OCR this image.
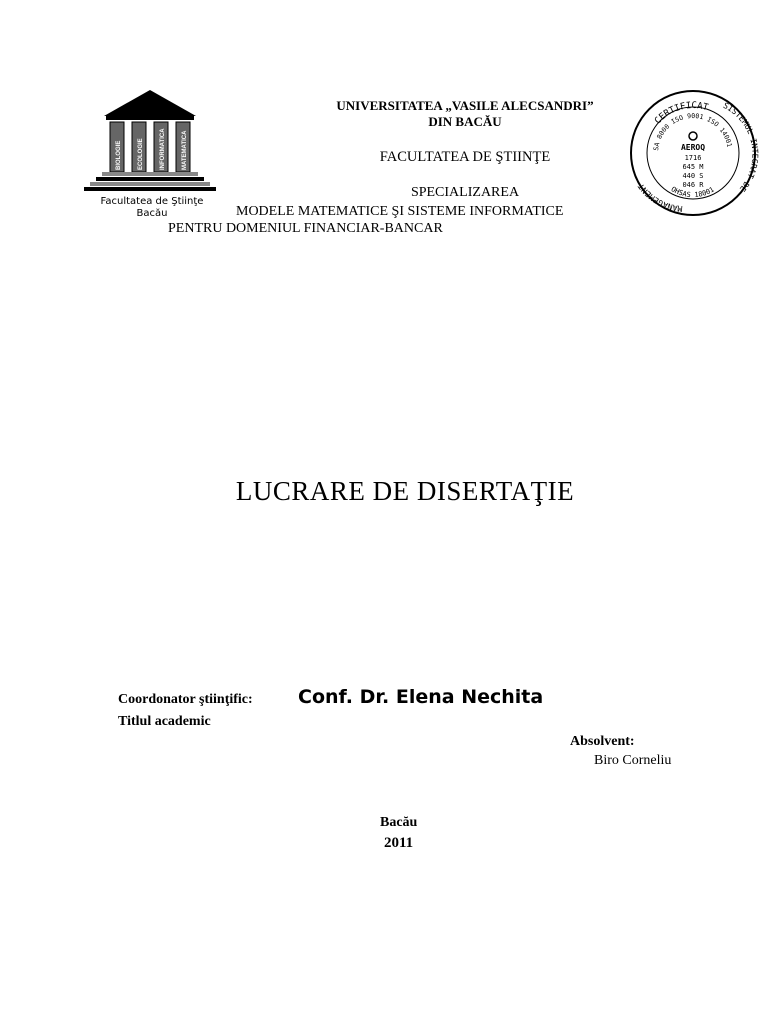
BIOLOGIE	ECOLOGIE	INFORMATICA	MATEMATICA
Facultatea de Ştiinţe
Bacău
UNIVERSITATEA „VASILE ALECSANDRI”
DIN BACĂU
FACULTATEA DE ŞTIINŢE
SPECIALIZAREA
MODELE MATEMATICE ŞI SISTEME INFORMATICE
PENTRU DOMENIUL FINANCIAR-BANCAR
CERTIFICAT
MANAGEMENT
SISTEMUL INTEGRAT DE
SA 8000 ISO 9001 ISO 14001
OHSAS 18001
AEROQ
1716
645 M
440 S
046 R
LUCRARE DE DISERTAŢIE
Coordonator ştiinţific: Conf. Dr. Elena Nechita
Titlul academic
Absolvent:
Biro Corneliu
Bacău
2011
